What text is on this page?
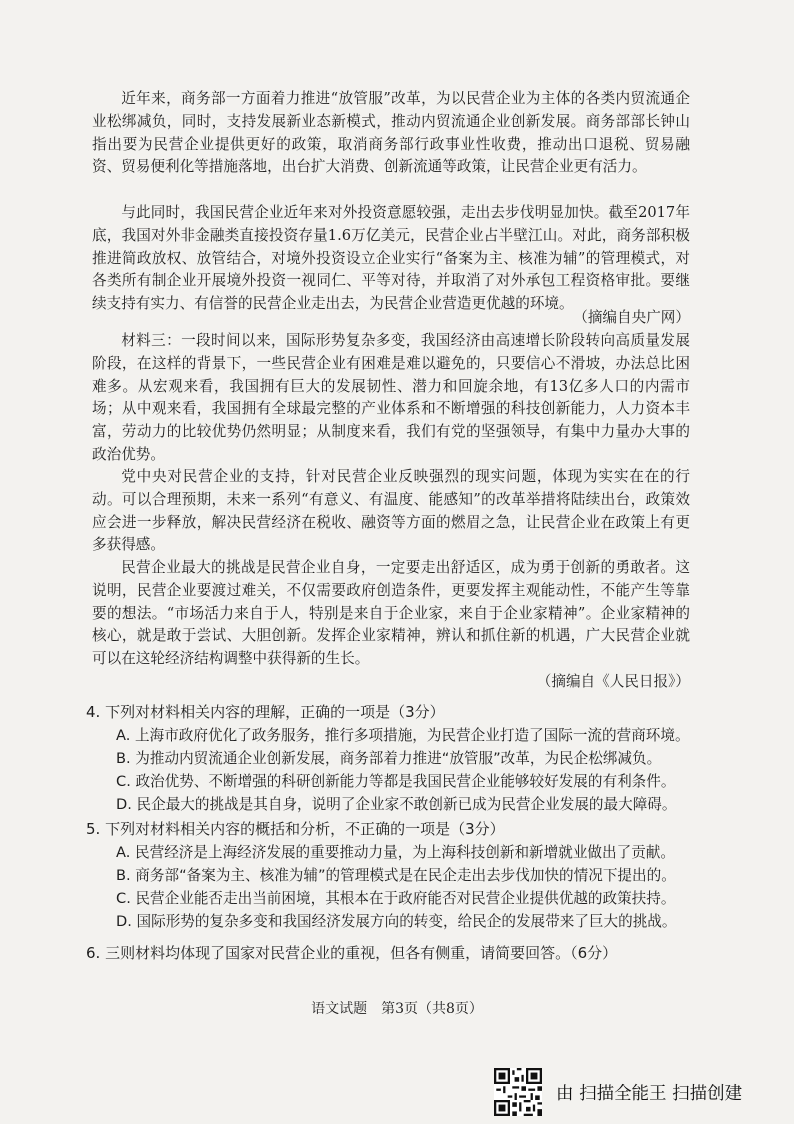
近年来，商务部一方面着力推进“放管服”改革，为以民营企业为主体的各类内贸流通企业松绑减负，同时，支持发展新业态新模式，推动内贸流通企业创新发展。商务部部长钟山指出要为民营企业提供更好的政策，取消商务部行政事业性收费，推动出口退税、贸易融资、贸易便利化等措施落地，出台扩大消费、创新流通等政策，让民营企业更有活力。

与此同时，我国民营企业近年来对外投资意愿较强，走出去步伐明显加快。截至2017年底，我国对外非金融类直接投资存量1.6万亿美元，民营企业占半壁江山。对此，商务部积极推进简政放权、放管结合，对境外投资设立企业实行“备案为主、核准为辅”的管理模式，对各类所有制企业开展境外投资一视同仁、平等对待，并取消了对外承包工程资格审批。要继续支持有实力、有信誉的民营企业走出去，为民营企业营造更优越的环境。

（摘编自央广网）

材料三：一段时间以来，国际形势复杂多变，我国经济由高速增长阶段转向高质量发展阶段，在这样的背景下，一些民营企业有困难是难以避免的，只要信心不滑坡，办法总比困难多。从宏观来看，我国拥有巨大的发展韧性、潜力和回旋余地，有13亿多人口的内需市场；从中观来看，我国拥有全球最完整的产业体系和不断增强的科技创新能力，人力资本丰富，劳动力的比较优势仍然明显；从制度来看，我们有党的坚强领导，有集中力量办大事的政治优势。

党中央对民营企业的支持，针对民营企业反映强烈的现实问题，体现为实实在在的行动。可以合理预期，未来一系列“有意义、有温度、能感知”的改革举措将陆续出台，政策效应会进一步释放，解决民营经济在税收、融资等方面的燃眉之急，让民营企业在政策上有更多获得感。

民营企业最大的挑战是民营企业自身，一定要走出舒适区，成为勇于创新的勇敢者。这说明，民营企业要渡过难关，不仅需要政府创造条件，更要发挥主观能动性，不能产生等靠要的想法。“市场活力来自于人，特别是来自于企业家，来自于企业家精神”。企业家精神的核心，就是敢于尝试、大胆创新。发挥企业家精神，辨认和抓住新的机遇，广大民营企业就可以在这轮经济结构调整中获得新的生长。

（摘编自《人民日报》）

4. 下列对材料相关内容的理解，正确的一项是（3分）

A. 上海市政府优化了政务服务，推行多项措施，为民营企业打造了国际一流的营商环境。

B. 为推动内贸流通企业创新发展，商务部着力推进“放管服”改革，为民企松绑减负。

C. 政治优势、不断增强的科研创新能力等都是我国民营企业能够较好发展的有利条件。

D. 民企最大的挑战是其自身，说明了企业家不敢创新已成为民营企业发展的最大障碍。

5. 下列对材料相关内容的概括和分析，不正确的一项是（3分）

A. 民营经济是上海经济发展的重要推动力量，为上海科技创新和新增就业做出了贡献。

B. 商务部“备案为主、核准为辅”的管理模式是在民企走出去步伐加快的情况下提出的。

C. 民营企业能否走出当前困境，其根本在于政府能否对民营企业提供优越的政策扶持。

D. 国际形势的复杂多变和我国经济发展方向的转变，给民企的发展带来了巨大的挑战。

6. 三则材料均体现了国家对民营企业的重视，但各有侧重，请简要回答。（6分）

语文试题　第3页（共8页）
由 扫描全能王 扫描创建
